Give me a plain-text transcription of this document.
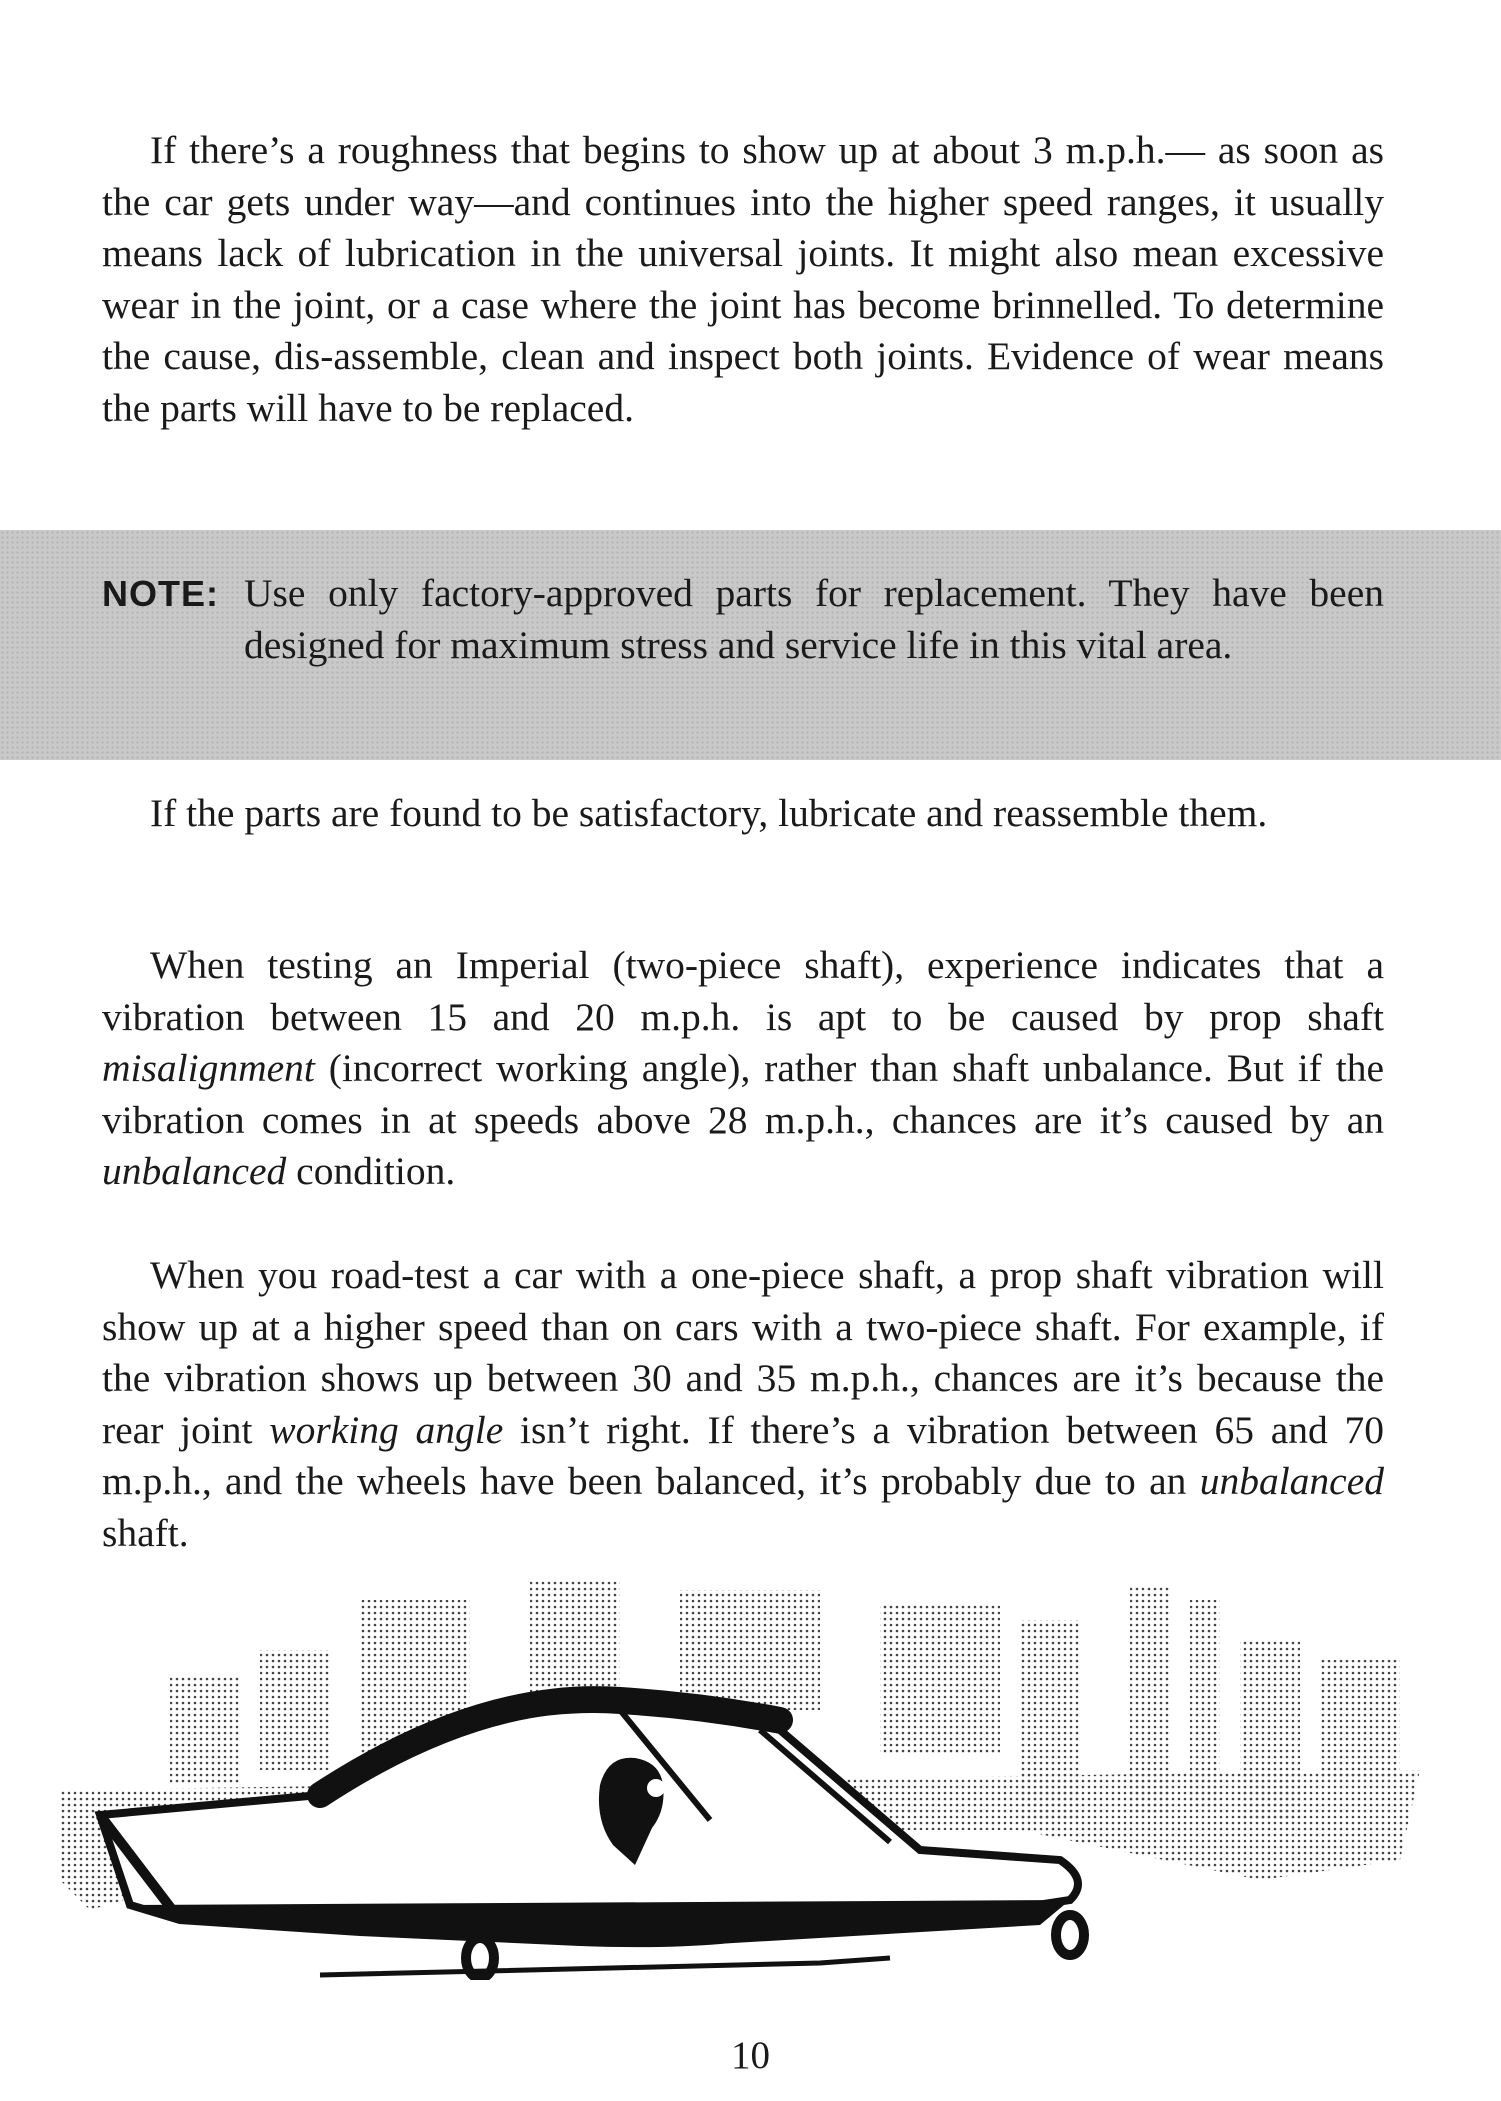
If there’s a roughness that begins to show up at about 3 m.p.h.— as soon as the car gets under way—and continues into the higher speed ranges, it usually means lack of lubrication in the universal joints. It might also mean excessive wear in the joint, or a case where the joint has become brinnelled. To determine the cause, dis-assemble, clean and inspect both joints. Evidence of wear means the parts will have to be replaced.

NOTE: Use only factory-approved parts for replacement. They have been designed for maximum stress and service life in this vital area.

If the parts are found to be satisfactory, lubricate and reassemble them.

When testing an Imperial (two-piece shaft), experience indicates that a vibration between 15 and 20 m.p.h. is apt to be caused by prop shaft misalignment (incorrect working angle), rather than shaft unbalance. But if the vibration comes in at speeds above 28 m.p.h., chances are it’s caused by an unbalanced condition.

When you road-test a car with a one-piece shaft, a prop shaft vibration will show up at a higher speed than on cars with a two-piece shaft. For example, if the vibration shows up between 30 and 35 m.p.h., chances are it’s because the rear joint working angle isn’t right. If there’s a vibration between 65 and 70 m.p.h., and the wheels have been balanced, it’s probably due to an unbalanced shaft.

10
